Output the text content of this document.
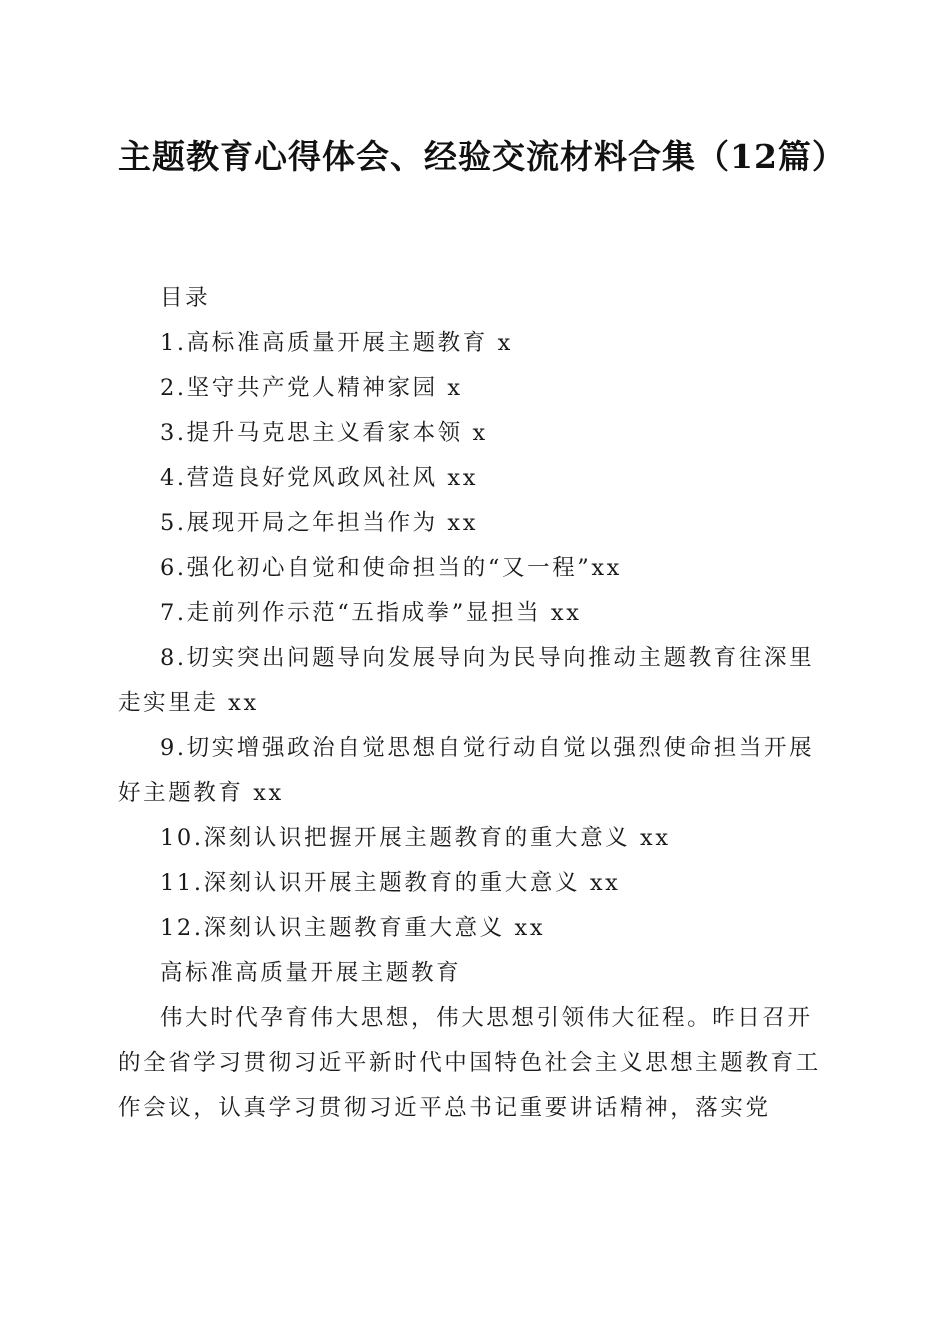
主题教育心得体会、经验交流材料合集（12篇）

目录

1.高标准高质量开展主题教育 x

2.坚守共产党人精神家园 x

3.提升马克思主义看家本领 x

4.营造良好党风政风社风 xx

5.展现开局之年担当作为 xx

6.强化初心自觉和使命担当的“又一程”xx

7.走前列作示范“五指成拳”显担当 xx

8.切实突出问题导向发展导向为民导向推动主题教育往深里走实里走 xx

9.切实增强政治自觉思想自觉行动自觉以强烈使命担当开展好主题教育 xx

10.深刻认识把握开展主题教育的重大意义 xx

11.深刻认识开展主题教育的重大意义 xx

12.深刻认识主题教育重大意义 xx

高标准高质量开展主题教育

伟大时代孕育伟大思想，伟大思想引领伟大征程。昨日召开的全省学习贯彻习近平新时代中国特色社会主义思想主题教育工作会议，认真学习贯彻习近平总书记重要讲话精神，落实党
